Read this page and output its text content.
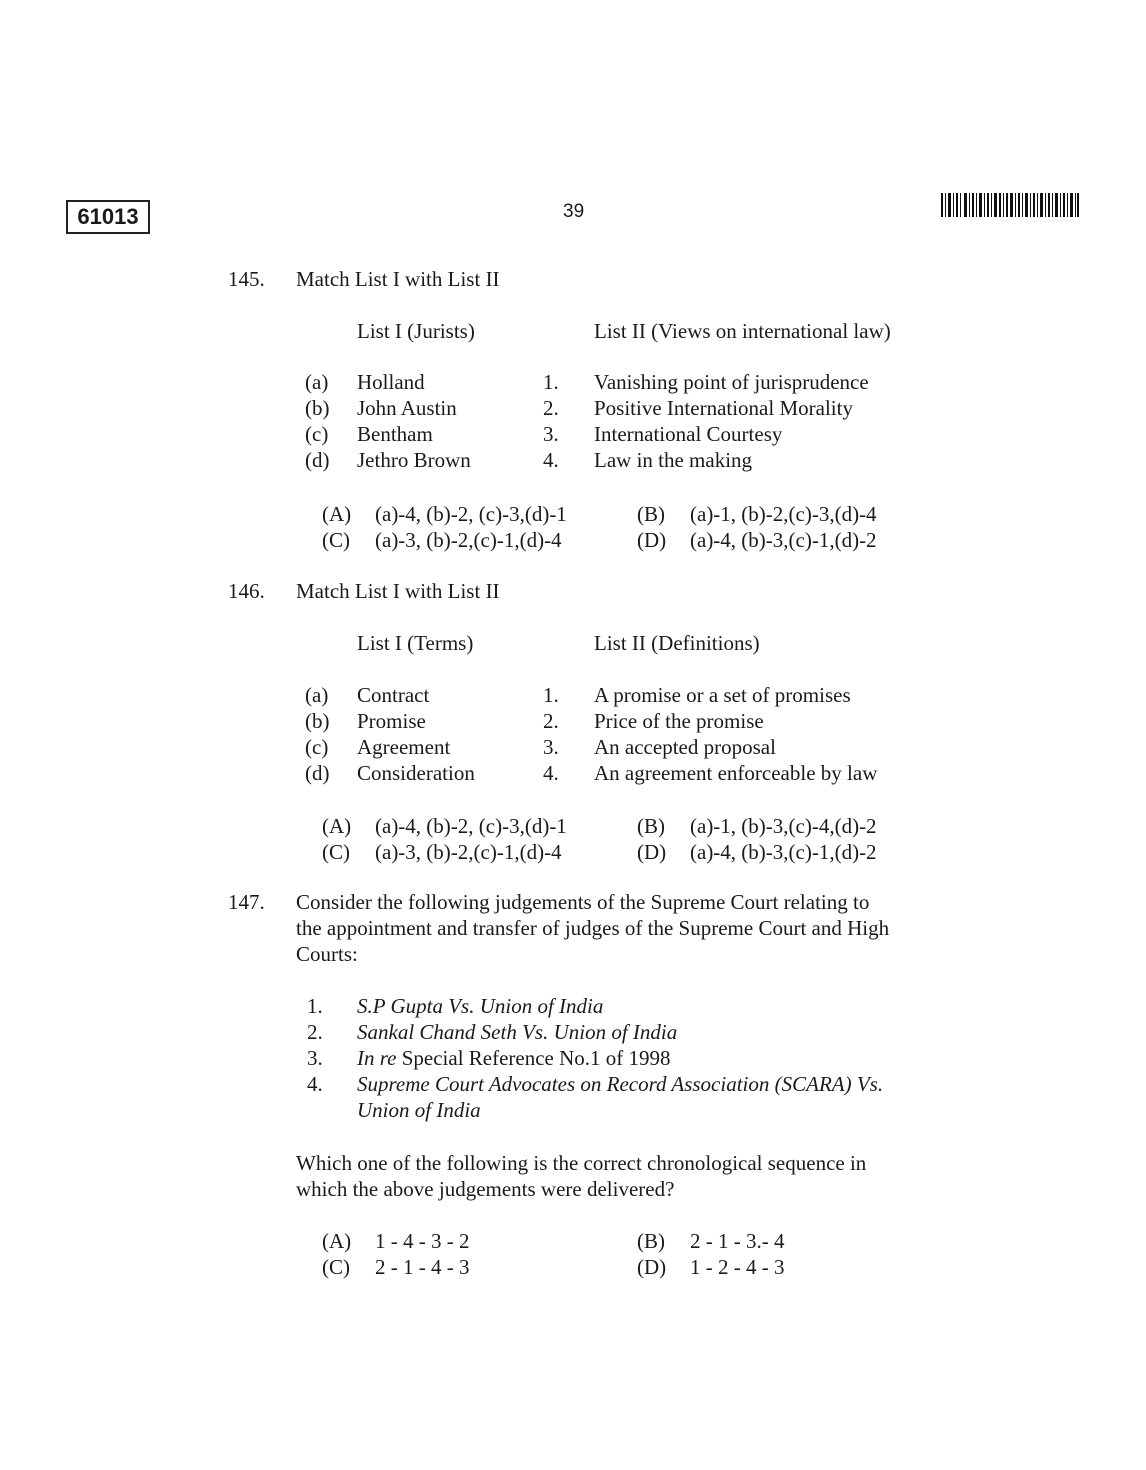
61013	39
145. Match List I with List II
List I (Jurists)	List II (Views on international law)
(a) Holland	1. Vanishing point of jurisprudence
(b) John Austin	2. Positive International Morality
(c) Bentham	3. International Courtesy
(d) Jethro Brown	4. Law in the making
(A) (a)-4, (b)-2, (c)-3,(d)-1	(B) (a)-1, (b)-2,(c)-3,(d)-4
(C) (a)-3, (b)-2,(c)-1,(d)-4	(D) (a)-4, (b)-3,(c)-1,(d)-2
146. Match List I with List II
List I (Terms)	List II (Definitions)
(a) Contract	1. A promise or a set of promises
(b) Promise	2. Price of the promise
(c) Agreement	3. An accepted proposal
(d) Consideration	4. An agreement enforceable by law
(A) (a)-4, (b)-2, (c)-3,(d)-1	(B) (a)-1, (b)-3,(c)-4,(d)-2
(C) (a)-3, (b)-2,(c)-1,(d)-4	(D) (a)-4, (b)-3,(c)-1,(d)-2
147. Consider the following judgements of the Supreme Court relating to
the appointment and transfer of judges of the Supreme Court and High
Courts:
1. S.P Gupta Vs. Union of India
2. Sankal Chand Seth Vs. Union of India
3. In re Special Reference No.1 of 1998
4. Supreme Court Advocates on Record Association (SCARA) Vs.
Union of India
Which one of the following is the correct chronological sequence in
which the above judgements were delivered?
(A) 1 - 4 - 3 - 2	(B) 2 - 1 - 3.- 4
(C) 2 - 1 - 4 - 3	(D) 1 - 2 - 4 - 3
